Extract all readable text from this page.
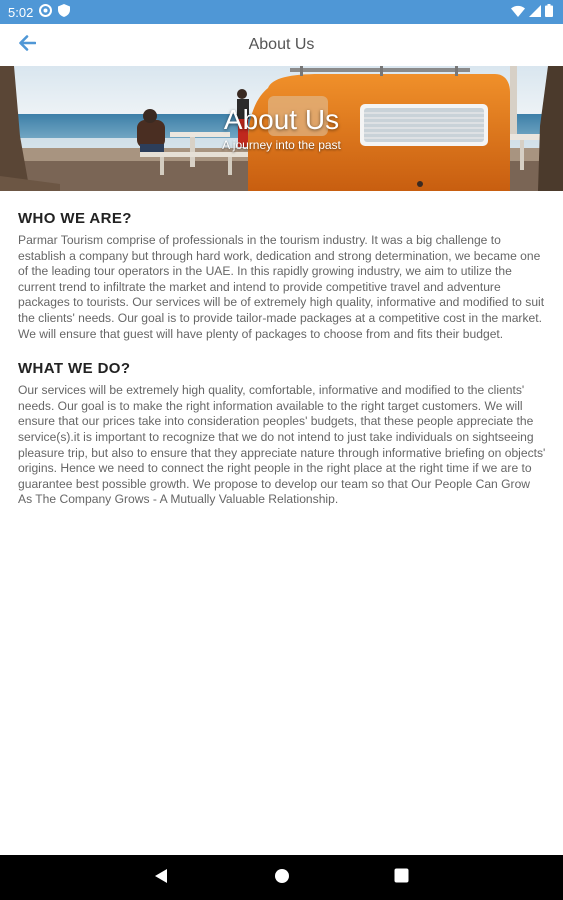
5:02
About Us
About Us
A journey into the past
WHO WE ARE?

Parmar Tourism comprise of professionals in the tourism industry. It was a big challenge to establish a company but through hard work, dedication and strong determination, we became one of the leading tour operators in the UAE. In this rapidly growing industry, we aim to utilize the current trend to infiltrate the market and intend to provide competitive travel and adventure packages to tourists. Our services will be of extremely high quality, informative and modified to suit the clients' needs. Our goal is to provide tailor-made packages at a competitive cost in the market. We will ensure that guest will have plenty of packages to choose from and fits their budget.

WHAT WE DO?

Our services will be extremely high quality, comfortable, informative and modified to the clients' needs. Our goal is to make the right information available to the right target customers. We will ensure that our prices take into consideration peoples' budgets, that these people appreciate the service(s).it is important to recognize that we do not intend to just take individuals on sightseeing pleasure trip, but also to ensure that they appreciate nature through informative briefing on objects' origins. Hence we need to connect the right people in the right place at the right time if we are to guarantee best possible growth. We propose to develop our team so that Our People Can Grow As The Company Grows - A Mutually Valuable Relationship.
